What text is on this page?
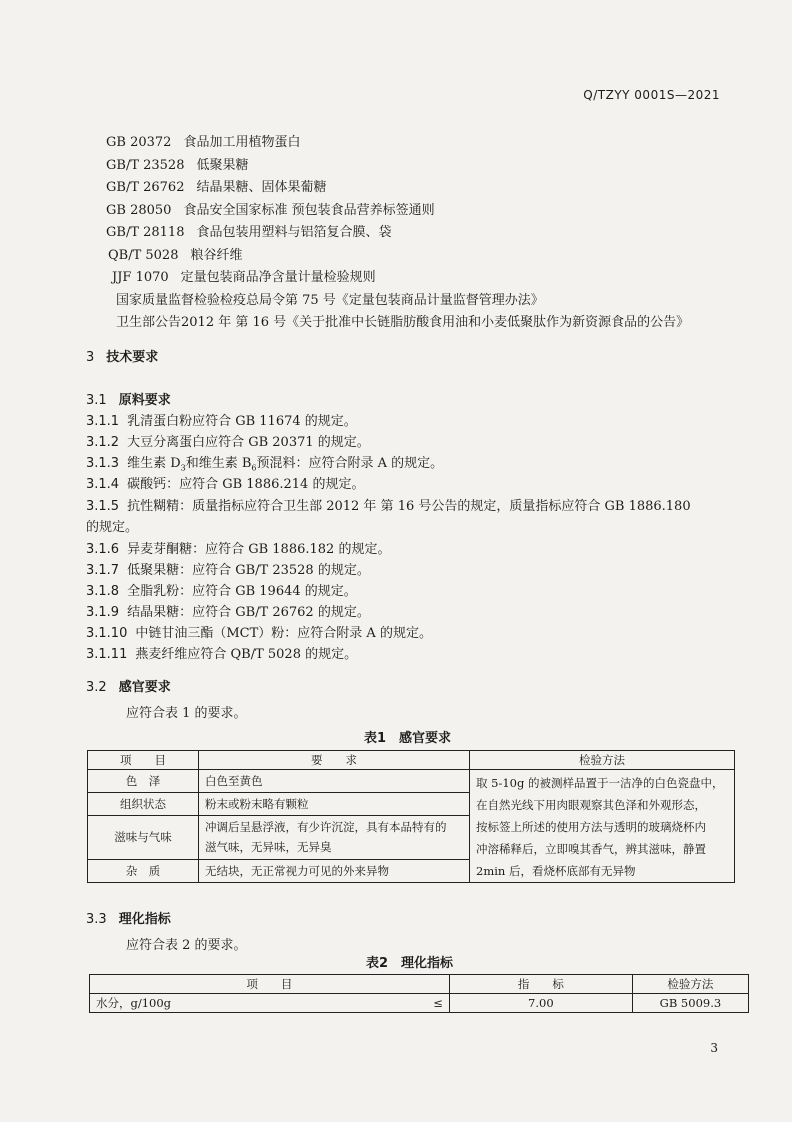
Q/TZYY 0001S—2021
GB 20372 食品加工用植物蛋白
GB/T 23528 低聚果糖
GB/T 26762 结晶果糖、固体果葡糖
GB 28050 食品安全国家标准 预包装食品营养标签通则
GB/T 28118 食品包装用塑料与铝箔复合膜、袋
QB/T 5028 粮谷纤维
JJF 1070 定量包装商品净含量计量检验规则
国家质量监督检验检疫总局令第 75 号《定量包装商品计量监督管理办法》
卫生部公告2012 年 第 16 号《关于批准中长链脂肪酸食用油和小麦低聚肽作为新资源食品的公告》
3 技术要求
3.1 原料要求
3.1.1 乳清蛋白粉应符合 GB 11674 的规定。
3.1.2 大豆分离蛋白应符合 GB 20371 的规定。
3.1.3 维生素 $D_3$和维生素 $B_6$预混料：应符合附录 A 的规定。
3.1.4 碳酸钙：应符合 GB 1886.214 的规定。
3.1.5 抗性糊精：质量指标应符合卫生部 2012 年 第 16 号公告的规定，质量指标应符合 GB 1886.180
的规定。
3.1.6 异麦芽酮糖：应符合 GB 1886.182 的规定。
3.1.7 低聚果糖：应符合 GB/T 23528 的规定。
3.1.8 全脂乳粉：应符合 GB 19644 的规定。
3.1.9 结晶果糖：应符合 GB/T 26762 的规定。
3.1.10 中链甘油三酯（MCT）粉：应符合附录 A 的规定。
3.1.11 燕麦纤维应符合 QB/T 5028 的规定。
3.2 感官要求
应符合表 1 的要求。
表1　感官要求
项　　目	要　　求	检验方法
色　泽	白色至黄色	取 5-10g 的被测样品置于一洁净的白色瓷盘中，
在自然光线下用肉眼观察其色泽和外观形态，
按标签上所述的使用方法与透明的玻璃烧杯内
冲溶稀释后，立即嗅其香气，辨其滋味，静置
2min 后，看烧杯底部有无异物

组织状态	粉末或粉末略有颗粒	
滋味与气味	冲调后呈悬浮液，有少许沉淀，具有本品特有的
滋气味，无异味，无异臭	

杂　质	无结块，无正常视力可见的外来异物	
3.3 理化指标
应符合表 2 的要求。
表2　理化指标
项　　目		指　　标	检验方法
水分，g/100g	≤	7.00	GB 5009.3
3
